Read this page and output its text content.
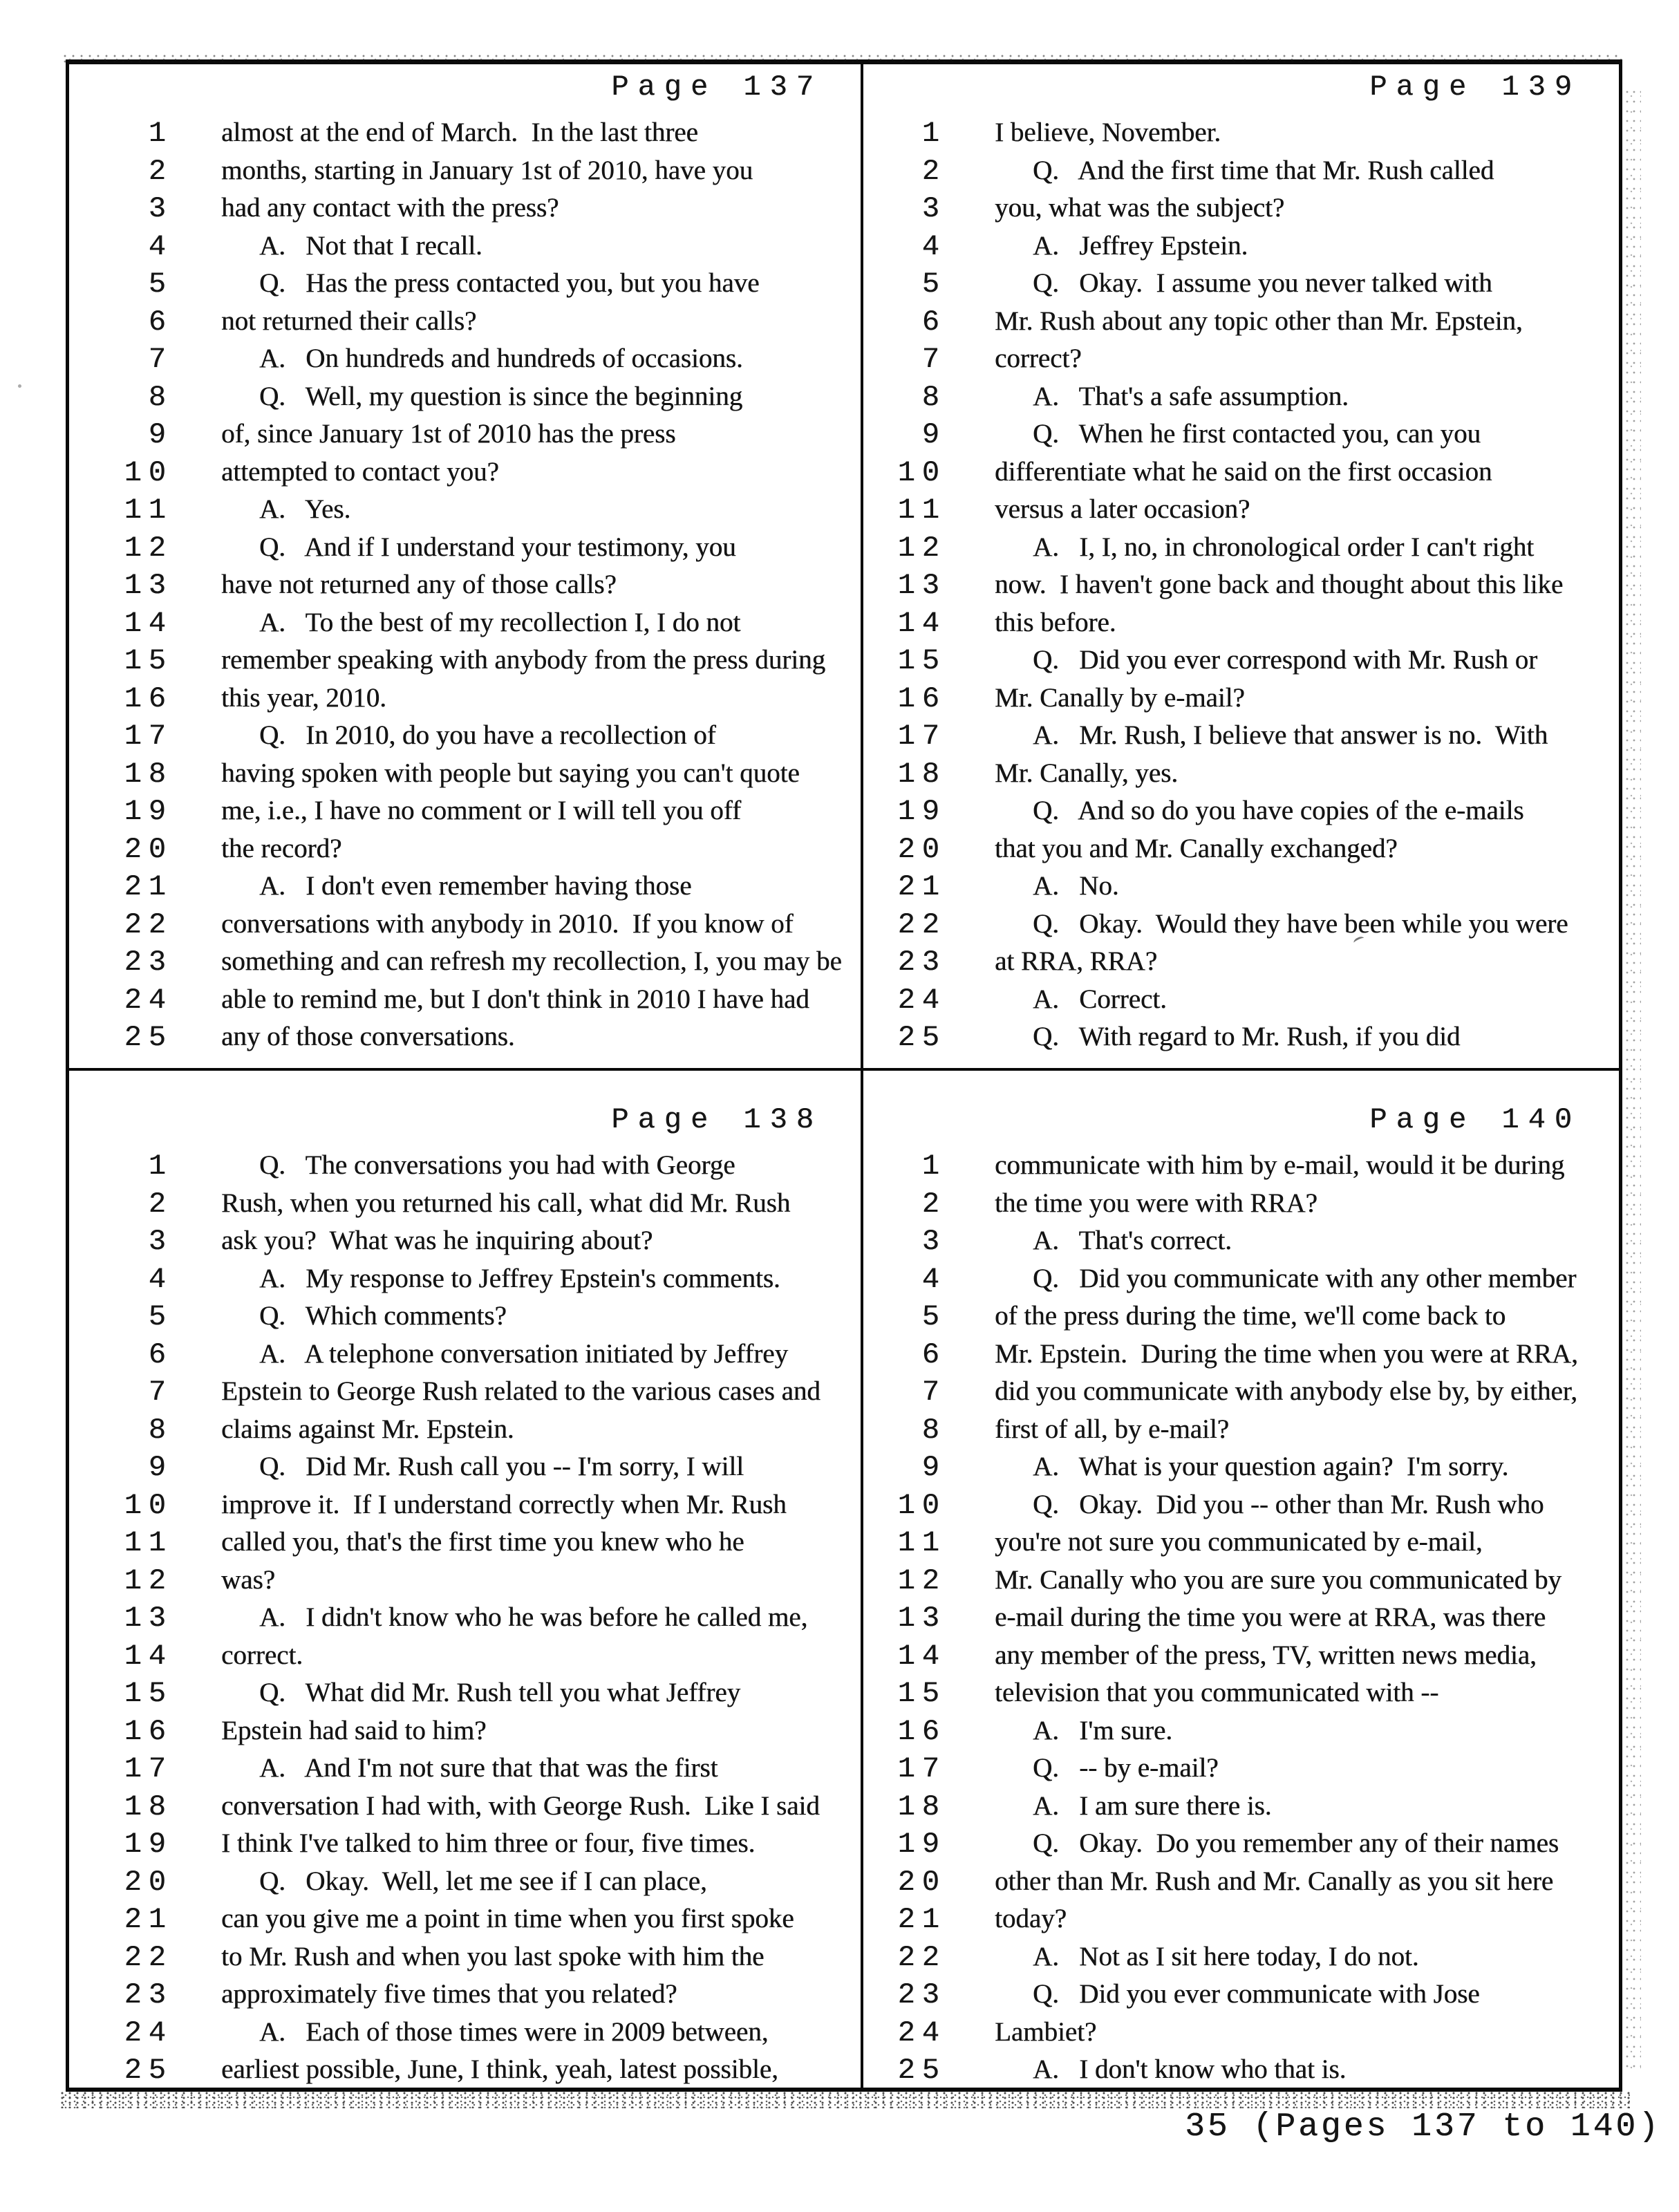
Page 137
1 almost at the end of March.  In the last three
2 months, starting in January 1st of 2010, have you
3 had any contact with the press?
4	A.   Not that I recall.
5	Q.   Has the press contacted you, but you have
6 not returned their calls?
7	A.   On hundreds and hundreds of occasions.
8	Q.   Well, my question is since the beginning
9 of, since January 1st of 2010 has the press
10 attempted to contact you?
11	A.   Yes.
12	Q.   And if I understand your testimony, you
13 have not returned any of those calls?
14	A.   To the best of my recollection I, I do not
15 remember speaking with anybody from the press during
16 this year, 2010.
17	Q.   In 2010, do you have a recollection of
18 having spoken with people but saying you can't quote
19 me, i.e., I have no comment or I will tell you off
20 the record?
21	A.   I don't even remember having those
22 conversations with anybody in 2010.  If you know of
23 something and can refresh my recollection, I, you may be
24 able to remind me, but I don't think in 2010 I have had
25 any of those conversations.
Page 139
1 I believe, November.
2	Q.   And the first time that Mr. Rush called
3 you, what was the subject?
4	A.   Jeffrey Epstein.
5	Q.   Okay.  I assume you never talked with
6 Mr. Rush about any topic other than Mr. Epstein,
7 correct?
8	A.   That's a safe assumption.
9	Q.   When he first contacted you, can you
10 differentiate what he said on the first occasion
11 versus a later occasion?
12	A.   I, I, no, in chronological order I can't right
13 now.  I haven't gone back and thought about this like
14 this before.
15	Q.   Did you ever correspond with Mr. Rush or
16 Mr. Canally by e-mail?
17	A.   Mr. Rush, I believe that answer is no.  With
18 Mr. Canally, yes.
19	Q.   And so do you have copies of the e-mails
20 that you and Mr. Canally exchanged?
21	A.   No.
22	Q.   Okay.  Would they have been while you were
23 at RRA, RRA?
24	A.   Correct.
25	Q.   With regard to Mr. Rush, if you did
Page 138
1	Q.   The conversations you had with George
2 Rush, when you returned his call, what did Mr. Rush
3 ask you?  What was he inquiring about?
4	A.   My response to Jeffrey Epstein's comments.
5	Q.   Which comments?
6	A.   A telephone conversation initiated by Jeffrey
7 Epstein to George Rush related to the various cases and
8 claims against Mr. Epstein.
9	Q.   Did Mr. Rush call you -- I'm sorry, I will
10 improve it.  If I understand correctly when Mr. Rush
11 called you, that's the first time you knew who he
12 was?
13	A.   I didn't know who he was before he called me,
14 correct.
15	Q.   What did Mr. Rush tell you what Jeffrey
16 Epstein had said to him?
17	A.   And I'm not sure that that was the first
18 conversation I had with, with George Rush.  Like I said
19 I think I've talked to him three or four, five times.
20	Q.   Okay.  Well, let me see if I can place,
21 can you give me a point in time when you first spoke
22 to Mr. Rush and when you last spoke with him the
23 approximately five times that you related?
24	A.   Each of those times were in 2009 between,
25 earliest possible, June, I think, yeah, latest possible,
Page 140
1 communicate with him by e-mail, would it be during
2 the time you were with RRA?
3	A.   That's correct.
4	Q.   Did you communicate with any other member
5 of the press during the time, we'll come back to
6 Mr. Epstein.  During the time when you were at RRA,
7 did you communicate with anybody else by, by either,
8 first of all, by e-mail?
9	A.   What is your question again?  I'm sorry.
10	Q.   Okay.  Did you -- other than Mr. Rush who
11 you're not sure you communicated by e-mail,
12 Mr. Canally who you are sure you communicated by
13 e-mail during the time you were at RRA, was there
14 any member of the press, TV, written news media,
15 television that you communicated with --
16	A.   I'm sure.
17	Q.   -- by e-mail?
18	A.   I am sure there is.
19	Q.   Okay.  Do you remember any of their names
20 other than Mr. Rush and Mr. Canally as you sit here
21 today?
22	A.   Not as I sit here today, I do not.
23	Q.   Did you ever communicate with Jose
24 Lambiet?
25	A.   I don't know who that is.
35 (Pages 137 to 140)
